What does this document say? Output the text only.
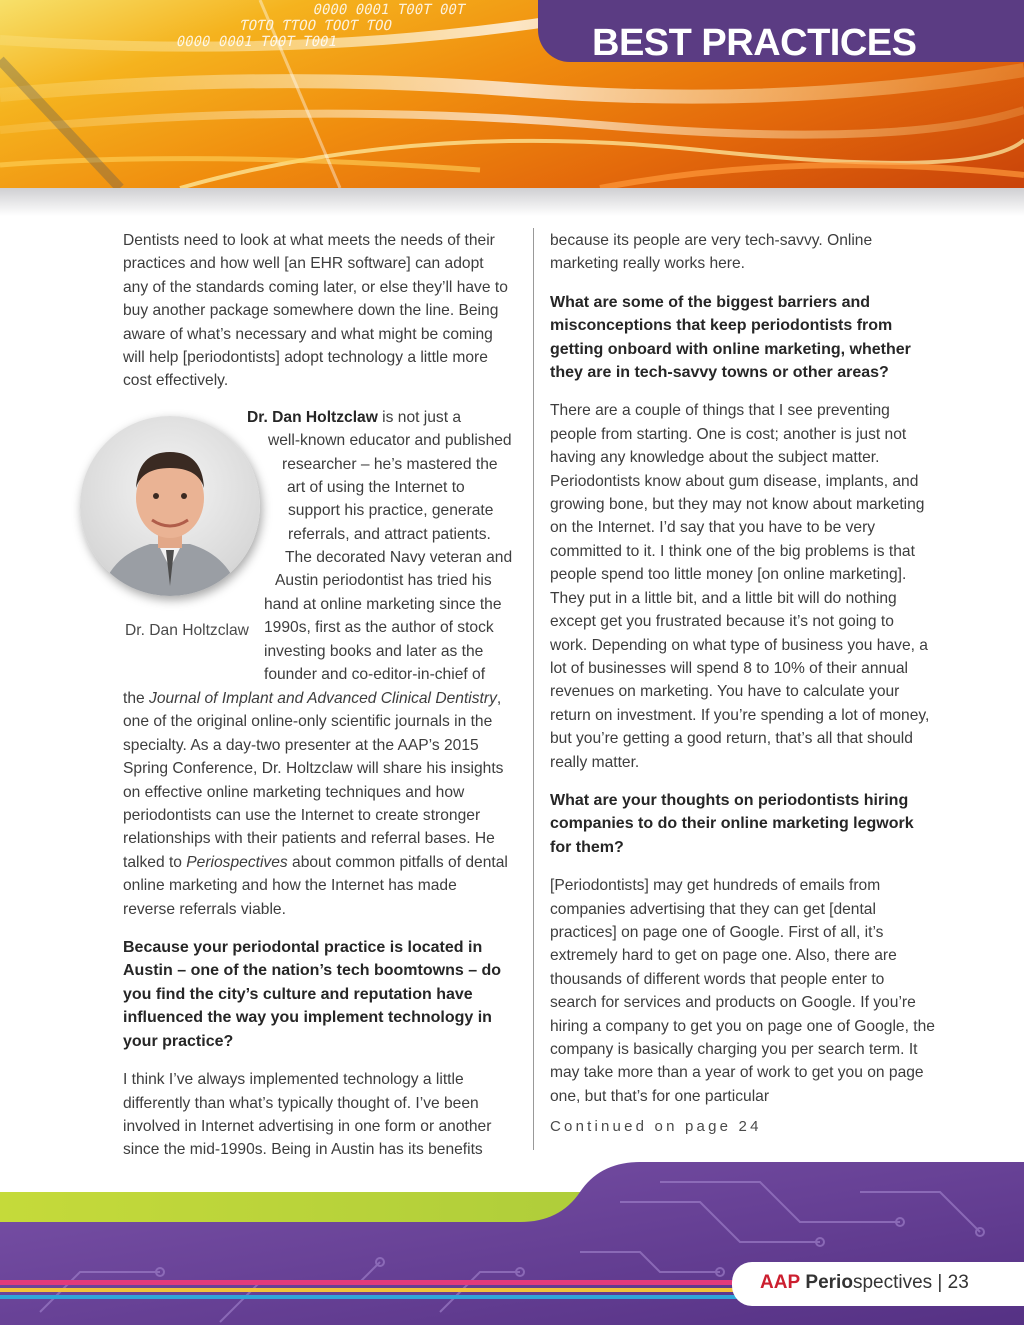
0000 0001 T00T 00T
ƬOƬO ƬƬOO ƬOOƬ ƬOO
0000 0001 T00T T001	BEST PRACTICES

Dentists need to look at what meets the needs of their practices and how well [an EHR software] can adopt any of the standards coming later, or else they’ll have to buy another package somewhere down the line. Being aware of what’s necessary and what might be coming will help [periodontists] adopt technology a little more cost effectively.

Dr. Dan Holtzclaw
Dr. Dan Holtzclaw is not just a
well-known educator and published
researcher – he’s mastered the
art of using the Internet to
support his practice, generate
referrals, and attract patients.
The decorated Navy veteran and
Austin periodontist has tried his
hand at online marketing since the
1990s, first as the author of stock
investing books and later as the
founder and co-editor-in-chief of

the Journal of Implant and Advanced Clinical Dentistry, one of the original online-only scientific journals in the specialty. As a day-two presenter at the AAP’s 2015 Spring Conference, Dr. Holtzclaw will share his insights on effective online marketing techniques and how periodontists can use the Internet to create stronger relationships with their patients and referral bases. He talked to Periospectives about common pitfalls of dental online marketing and how the Internet has made reverse referrals viable.

Because your periodontal practice is located in Austin – one of the nation’s tech boomtowns – do you find the city’s culture and reputation have influenced the way you implement technology in your practice?

I think I’ve always implemented technology a little differently than what’s typically thought of. I’ve been involved in Internet advertising in one form or another since the mid-1990s. Being in Austin has its benefits

because its people are very tech-savvy. Online marketing really works here.

What are some of the biggest barriers and misconceptions that keep periodontists from getting onboard with online marketing, whether they are in tech-savvy towns or other areas?

There are a couple of things that I see preventing people from starting. One is cost; another is just not having any knowledge about the subject matter. Periodontists know about gum disease, implants, and growing bone, but they may not know about marketing on the Internet. I’d say that you have to be very committed to it. I think one of the big problems is that people spend too little money [on online marketing]. They put in a little bit, and a little bit will do nothing except get you frustrated because it’s not going to work. Depending on what type of business you have, a lot of businesses will spend 8 to 10% of their annual revenues on marketing. You have to calculate your return on investment. If you’re spending a lot of money, but you’re getting a good return, that’s all that should really matter.

What are your thoughts on periodontists hiring companies to do their online marketing legwork for them?

[Periodontists] may get hundreds of emails from companies advertising that they can get [dental practices] on page one of Google. First of all, it’s extremely hard to get on page one. Also, there are thousands of different words that people enter to search for services and products on Google. If you’re hiring a company to get you on page one of Google, the company is basically charging you per search term. It may take more than a year of work to get you on page one, but that’s for one particular

Continued on page 24
AAP Periospectives | 23
